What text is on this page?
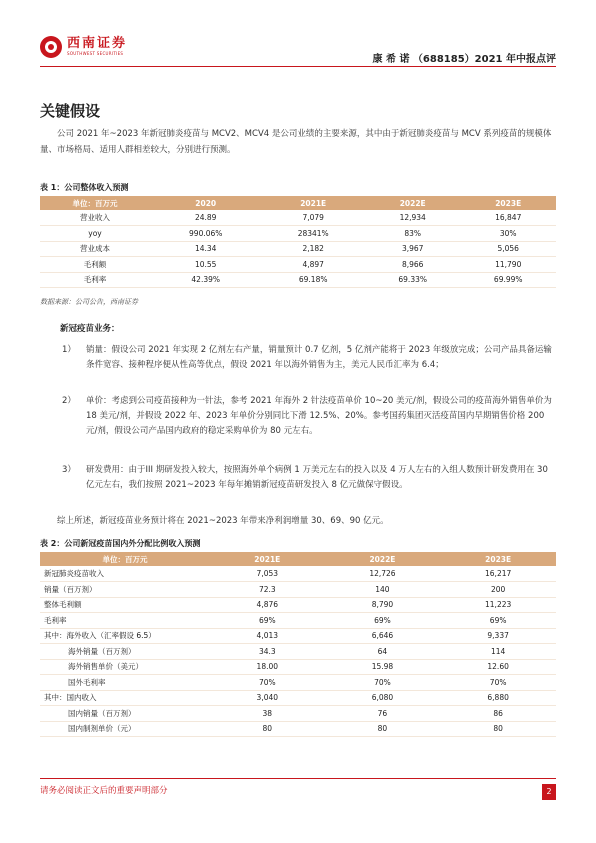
西南证券
SOUTHWEST SECURITIES
康 希 诺 （688185）2021 年中报点评
关键假设
公司 2021 年~2023 年新冠肺炎疫苗与 MCV2、MCV4 是公司业绩的主要来源，其中由于新冠肺炎疫苗与 MCV 系列疫苗的规模体量、市场格局、适用人群相差较大，分别进行预测。
表 1：公司整体收入预测
单位：百万元	2020	2021E	2022E	2023E
营业收入	24.89	7,079	12,934	16,847
yoy	990.06%	28341%	83%	30%
营业成本	14.34	2,182	3,967	5,056
毛利额	10.55	4,897	8,966	11,790
毛利率	42.39%	69.18%	69.33%	69.99%
数据来源：公司公告，西南证券
新冠疫苗业务：
1）	销量：假设公司 2021 年实现 2 亿剂左右产量，销量预计 0.7 亿剂，5 亿剂产能将于 2023 年级放完成；公司产品具备运输条件宽容、接种程序便从性高等优点，假设 2021 年以海外销售为主，美元人民币汇率为 6.4；
2）	单价：考虑到公司疫苗接种为一针法，参考 2021 年海外 2 针法疫苗单价 10~20 美元/剂，假设公司的疫苗海外销售单价为 18 美元/剂，并假设 2022 年、2023 年单价分别同比下滑 12.5%、20%。参考国药集团灭活疫苗国内早期销售价格 200 元/剂，假设公司产品国内政府的稳定采购单价为 80 元左右。
3）	研发费用：由于III 期研发投入较大，按照海外单个病例 1 万美元左右的投入以及 4 万人左右的入组人数预计研发费用在 30 亿元左右，我们按照 2021~2023 年每年摊销新冠疫苗研发投入 8 亿元做保守假设。
综上所述，新冠疫苗业务预计将在 2021~2023 年带来净利润增量 30、69、90 亿元。
表 2：公司新冠疫苗国内外分配比例收入预测
单位：百万元	2021E	2022E	2023E
新冠肺炎疫苗收入	7,053	12,726	16,217
销量（百万剂）	72.3	140	200
整体毛利额	4,876	8,790	11,223
毛利率	69%	69%	69%
其中：海外收入（汇率假设 6.5）	4,013	6,646	9,337
海外销量（百万剂）	34.3	64	114
海外销售单价（美元）	18.00	15.98	12.60
国外毛利率	70%	70%	70%
其中：国内收入	3,040	6,080	6,880
国内销量（百万剂）	38	76	86
国内制剂单价（元）	80	80	80
请务必阅读正文后的重要声明部分	2
